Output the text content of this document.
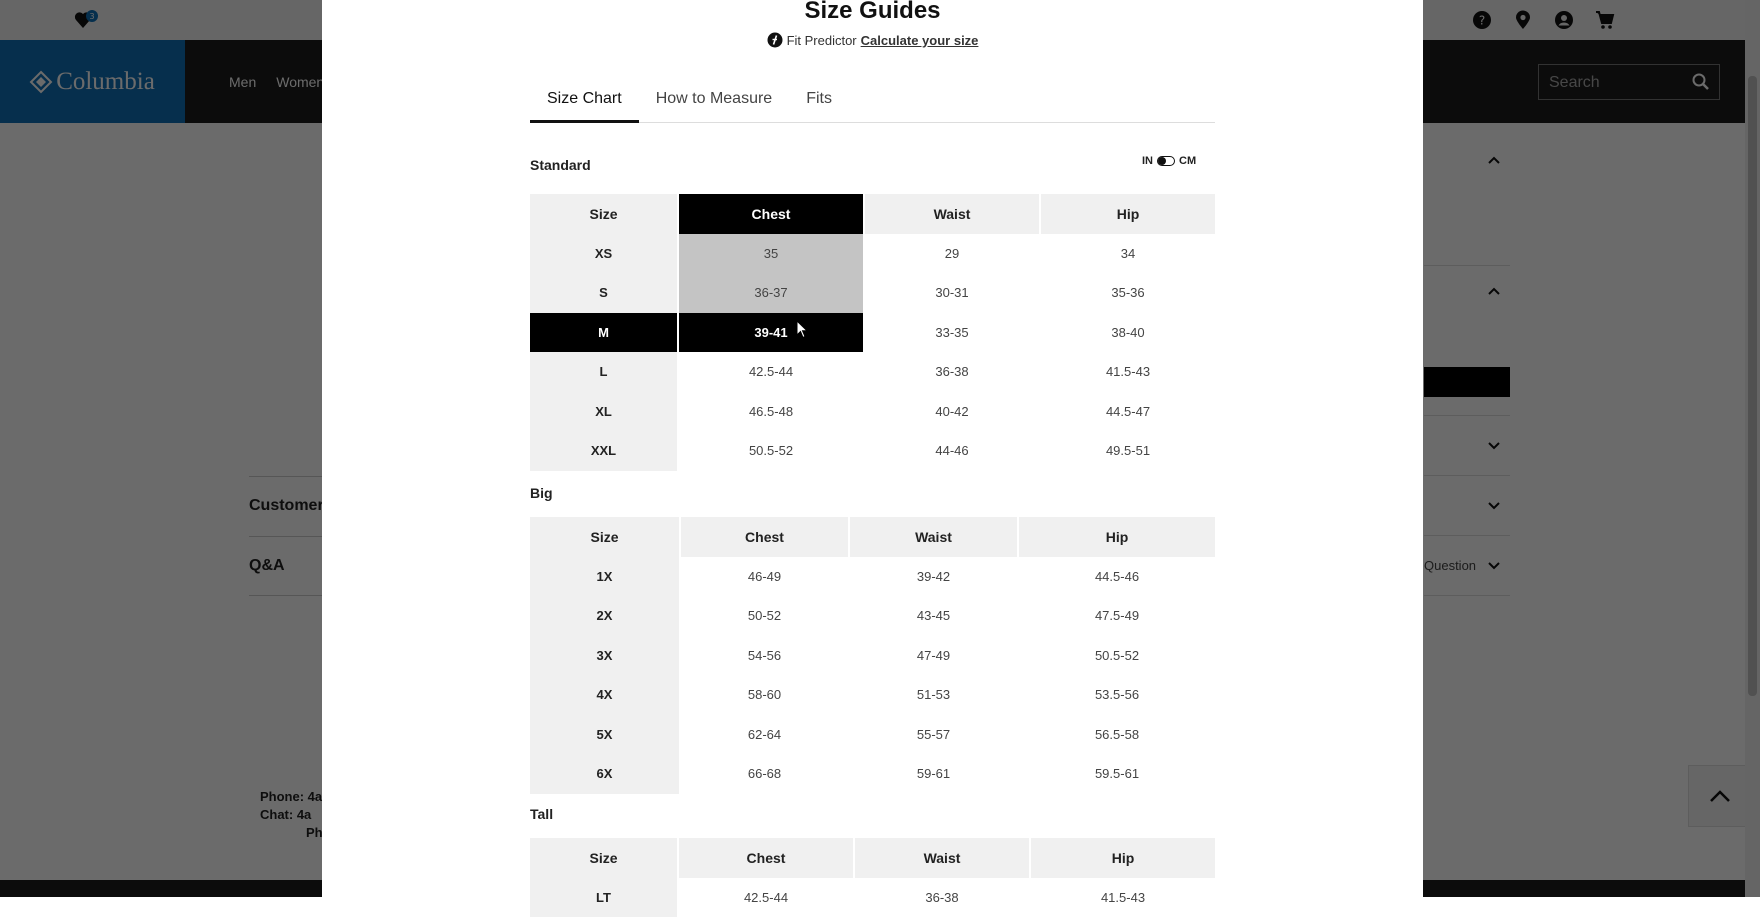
Size Guides
Fit Predictor Calculate your size
Size Chart	How to Measure	Fits
Standard	IN CM
Size	Chest	Waist	Hip
XS	35	29	34
S	36-37	30-31	35-36
M	39-41	33-35	38-40
L	42.5-44	36-38	41.5-43
XL	46.5-48	40-42	44.5-47
XXL	50.5-52	44-46	49.5-51
Big
Size	Chest	Waist	Hip
1X	46-49	39-42	44.5-46
2X	50-52	43-45	47.5-49
3X	54-56	47-49	50.5-52
4X	58-60	51-53	53.5-56
5X	62-64	55-57	56.5-58
6X	66-68	59-61	59.5-61
Tall
Size	Chest	Waist	Hip
LT	42.5-44	36-38	41.5-43
